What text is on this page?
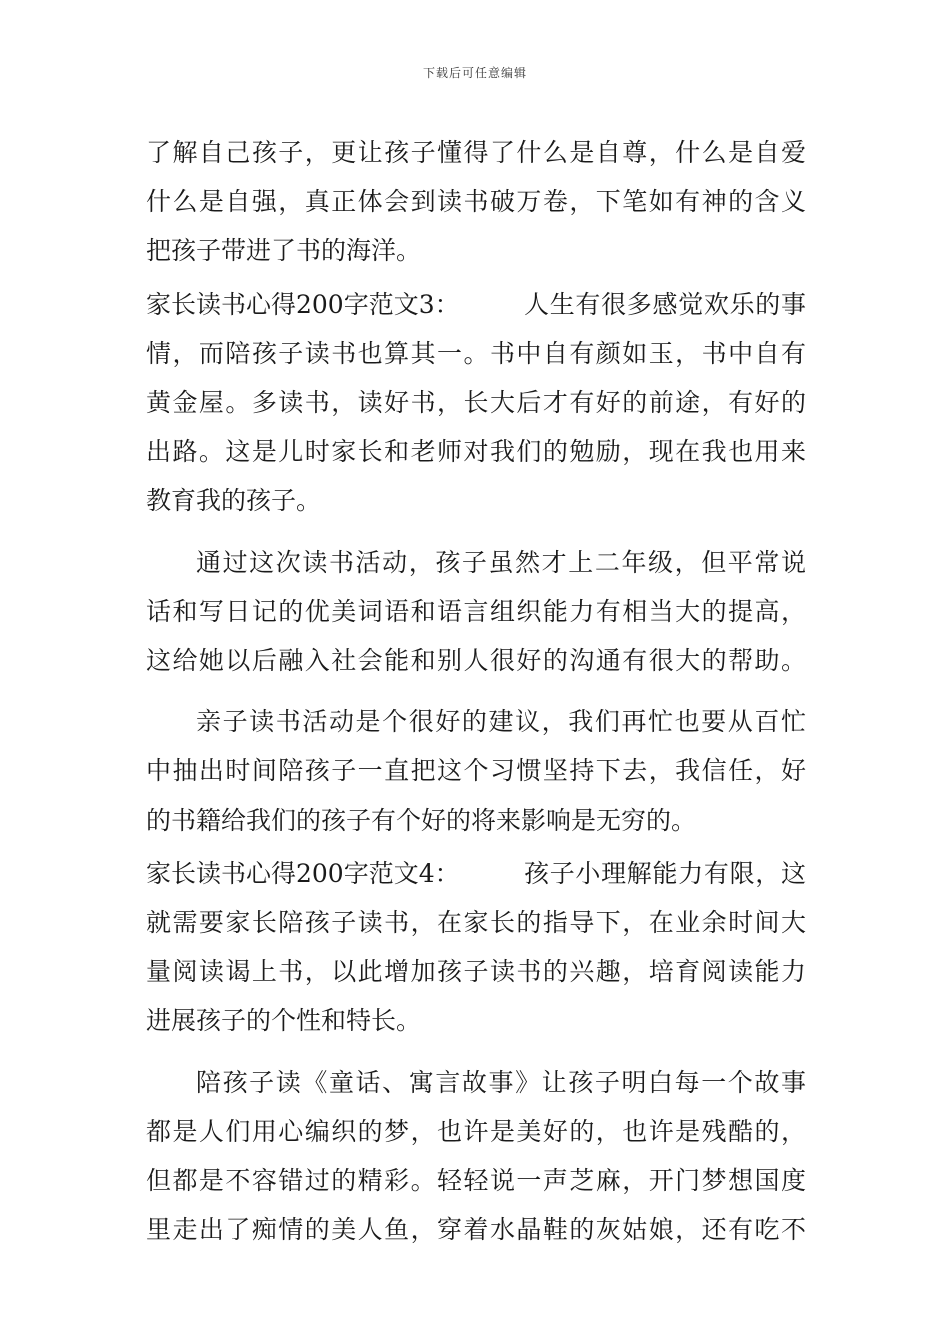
下载后可任意编辑
了解自己孩子，更让孩子懂得了什么是自尊，什么是自爱
什么是自强，真正体会到读书破万卷，下笔如有神的含义
把孩子带进了书的海洋。
家长读书心得200字范文3：	人生有很多感觉欢乐的事
情，而陪孩子读书也算其一。书中自有颜如玉，书中自有
黄金屋。多读书，读好书，长大后才有好的前途，有好的
出路。这是儿时家长和老师对我们的勉励，现在我也用来
教育我的孩子。
通过这次读书活动，孩子虽然才上二年级，但平常说
话和写日记的优美词语和语言组织能力有相当大的提高，
这给她以后融入社会能和别人很好的沟通有很大的帮助。
亲子读书活动是个很好的建议，我们再忙也要从百忙
中抽出时间陪孩子一直把这个习惯坚持下去，我信任，好
的书籍给我们的孩子有个好的将来影响是无穷的。
家长读书心得200字范文4：	孩子小理解能力有限，这
就需要家长陪孩子读书，在家长的指导下，在业余时间大
量阅读谒上书，以此增加孩子读书的兴趣，培育阅读能力
进展孩子的个性和特长。
陪孩子读《童话、寓言故事》让孩子明白每一个故事
都是人们用心编织的梦，也许是美好的，也许是残酷的，
但都是不容错过的精彩。轻轻说一声芝麻，开门梦想国度
里走出了痴情的美人鱼，穿着水晶鞋的灰姑娘，还有吃不
